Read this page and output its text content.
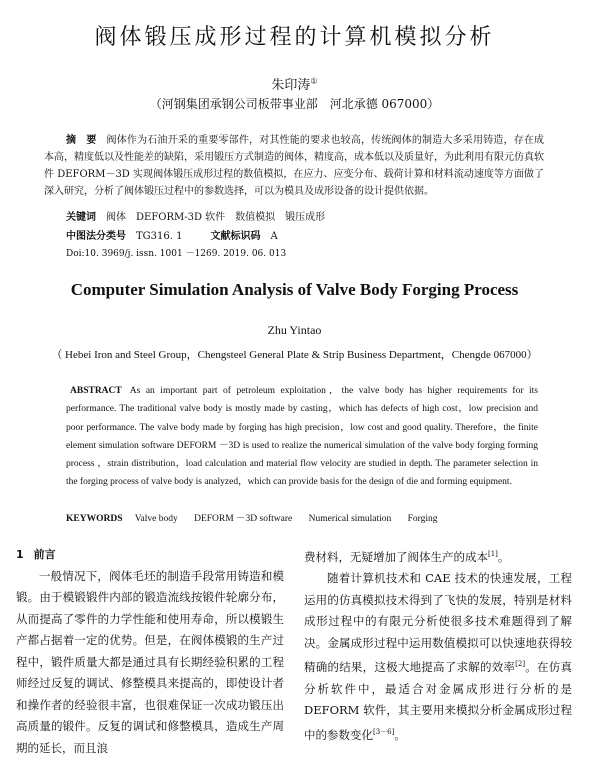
阀体锻压成形过程的计算机模拟分析
朱印涛①
（河钢集团承钢公司板带事业部　河北承德 067000）

摘　要 阀体作为石油开采的重要零部件，对其性能的要求也较高，传统阀体的制造大多采用铸造，存在成本高，精度低以及性能差的缺陷，采用锻压方式制造的阀体，精度高，成本低以及质量好，为此利用有限元仿真软件 DEFORM－3D 实现阀体锻压成形过程的数值模拟，在应力、应变分布、载荷计算和材料流动速度等方面做了深入研究，分析了阀体锻压过程中的参数选择，可以为模具及成形设备的设计提供依据。

关键词 阀体　DEFORM-3D 软件　数值模拟　锻压成形
中图法分类号 TG316. 1	文献标识码 A
Doi:10. 3969/j. issn. 1001 －1269. 2019. 06. 013
Computer Simulation Analysis of Valve Body Forging Process
Zhu Yintao
（ Hebei Iron and Steel Group，Chengsteel General Plate & Strip Business Department，Chengde 067000）

ABSTRACT As an important part of petroleum exploitation，the valve body has higher requirements for its performance. The traditional valve body is mostly made by casting，which has defects of high cost，low precision and poor performance. The valve body made by forging has high precision，low cost and good quality. Therefore，the finite element simulation software DEFORM －3D is used to realize the numerical simulation of the valve body forging forming process ，strain distribution，load calculation and material flow velocity are studied in depth. The parameter selection in the forging process of valve body is analyzed，which can provide basis for the design of die and forming equipment.

KEYWORDS Valve body DEFORM －3D software Numerical simulation Forging

1 前言

一般情况下，阀体毛坯的制造手段常用铸造和模锻。由于模锻锻件内部的锻造流线按锻件轮廓分布，从而提高了零件的力学性能和使用寿命，所以模锻生产都占据着一定的优势。但是，在阀体模锻的生产过程中，锻件质量大都是通过具有长期经验积累的工程师经过反复的调试、修整模具来提高的，即使设计者和操作者的经验很丰富，也很难保证一次成功锻压出高质量的锻件。反复的调试和修整模具，造成生产周期的延长，而且浪

费材料，无疑增加了阀体生产的成本[1]。

随着计算机技术和 CAE 技术的快速发展，工程运用的仿真模拟技术得到了飞快的发展，特别是材料成形过程中的有限元分析使很多技术难题得到了解决。金属成形过程中运用数值模拟可以快速地获得较精确的结果，这极大地提高了求解的效率[2]。在仿真分析软件中，最适合对金属成形进行分析的是 DEFORM 软件，其主要用来模拟分析金属成形过程中的参数变化[3－6]。
